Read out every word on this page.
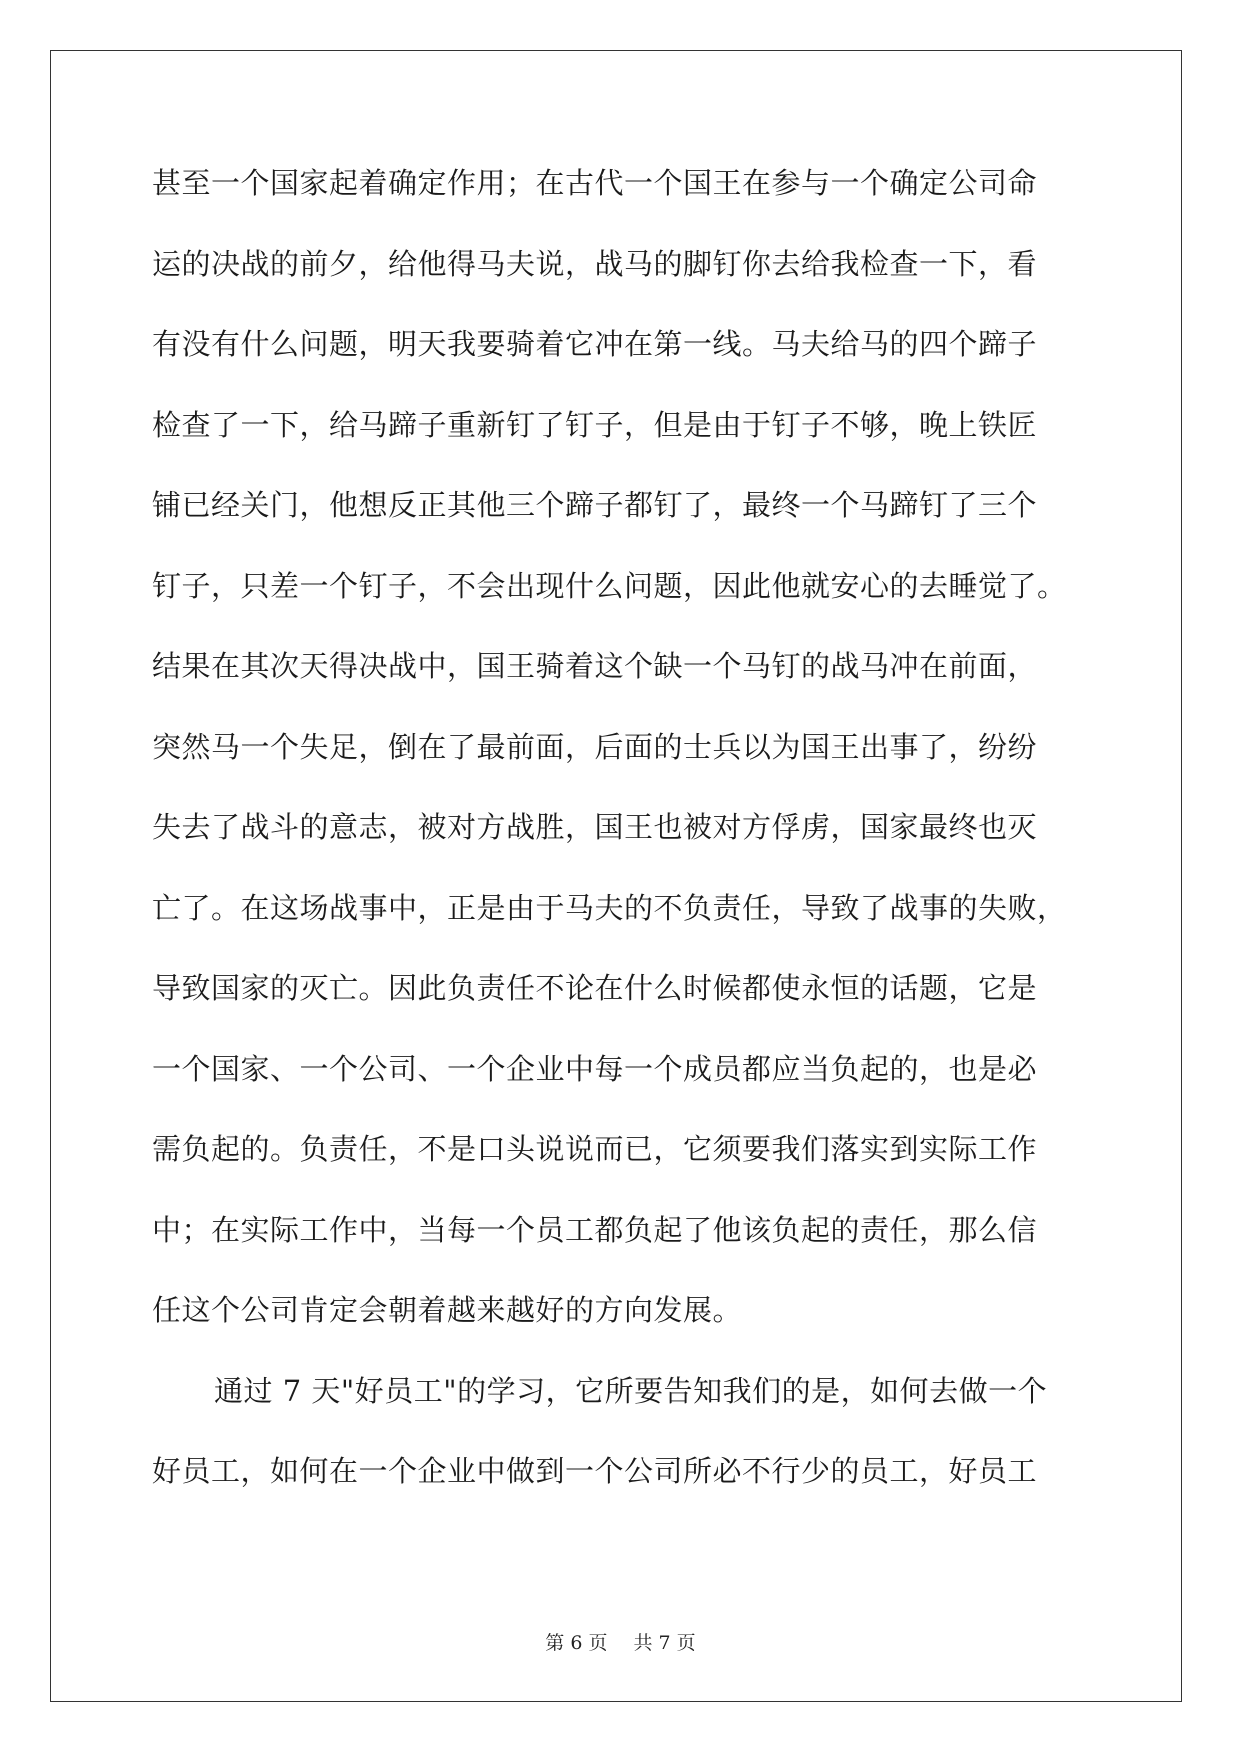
甚至一个国家起着确定作用；在古代一个国王在参与一个确定公司命
运的决战的前夕，给他得马夫说，战马的脚钉你去给我检查一下，看
有没有什么问题，明天我要骑着它冲在第一线。马夫给马的四个蹄子
检查了一下，给马蹄子重新钉了钉子，但是由于钉子不够，晚上铁匠
铺已经关门，他想反正其他三个蹄子都钉了，最终一个马蹄钉了三个
钉子，只差一个钉子，不会出现什么问题，因此他就安心的去睡觉了。
结果在其次天得决战中，国王骑着这个缺一个马钉的战马冲在前面，
突然马一个失足，倒在了最前面，后面的士兵以为国王出事了，纷纷
失去了战斗的意志，被对方战胜，国王也被对方俘虏，国家最终也灭
亡了。在这场战事中，正是由于马夫的不负责任，导致了战事的失败，
导致国家的灭亡。因此负责任不论在什么时候都使永恒的话题，它是
一个国家、一个公司、一个企业中每一个成员都应当负起的，也是必
需负起的。负责任，不是口头说说而已，它须要我们落实到实际工作
中；在实际工作中，当每一个员工都负起了他该负起的责任，那么信
任这个公司肯定会朝着越来越好的方向发展。
通过 7 天"好员工"的学习，它所要告知我们的是，如何去做一个
好员工，如何在一个企业中做到一个公司所必不行少的员工，好员工
第 6 页 共 7 页
